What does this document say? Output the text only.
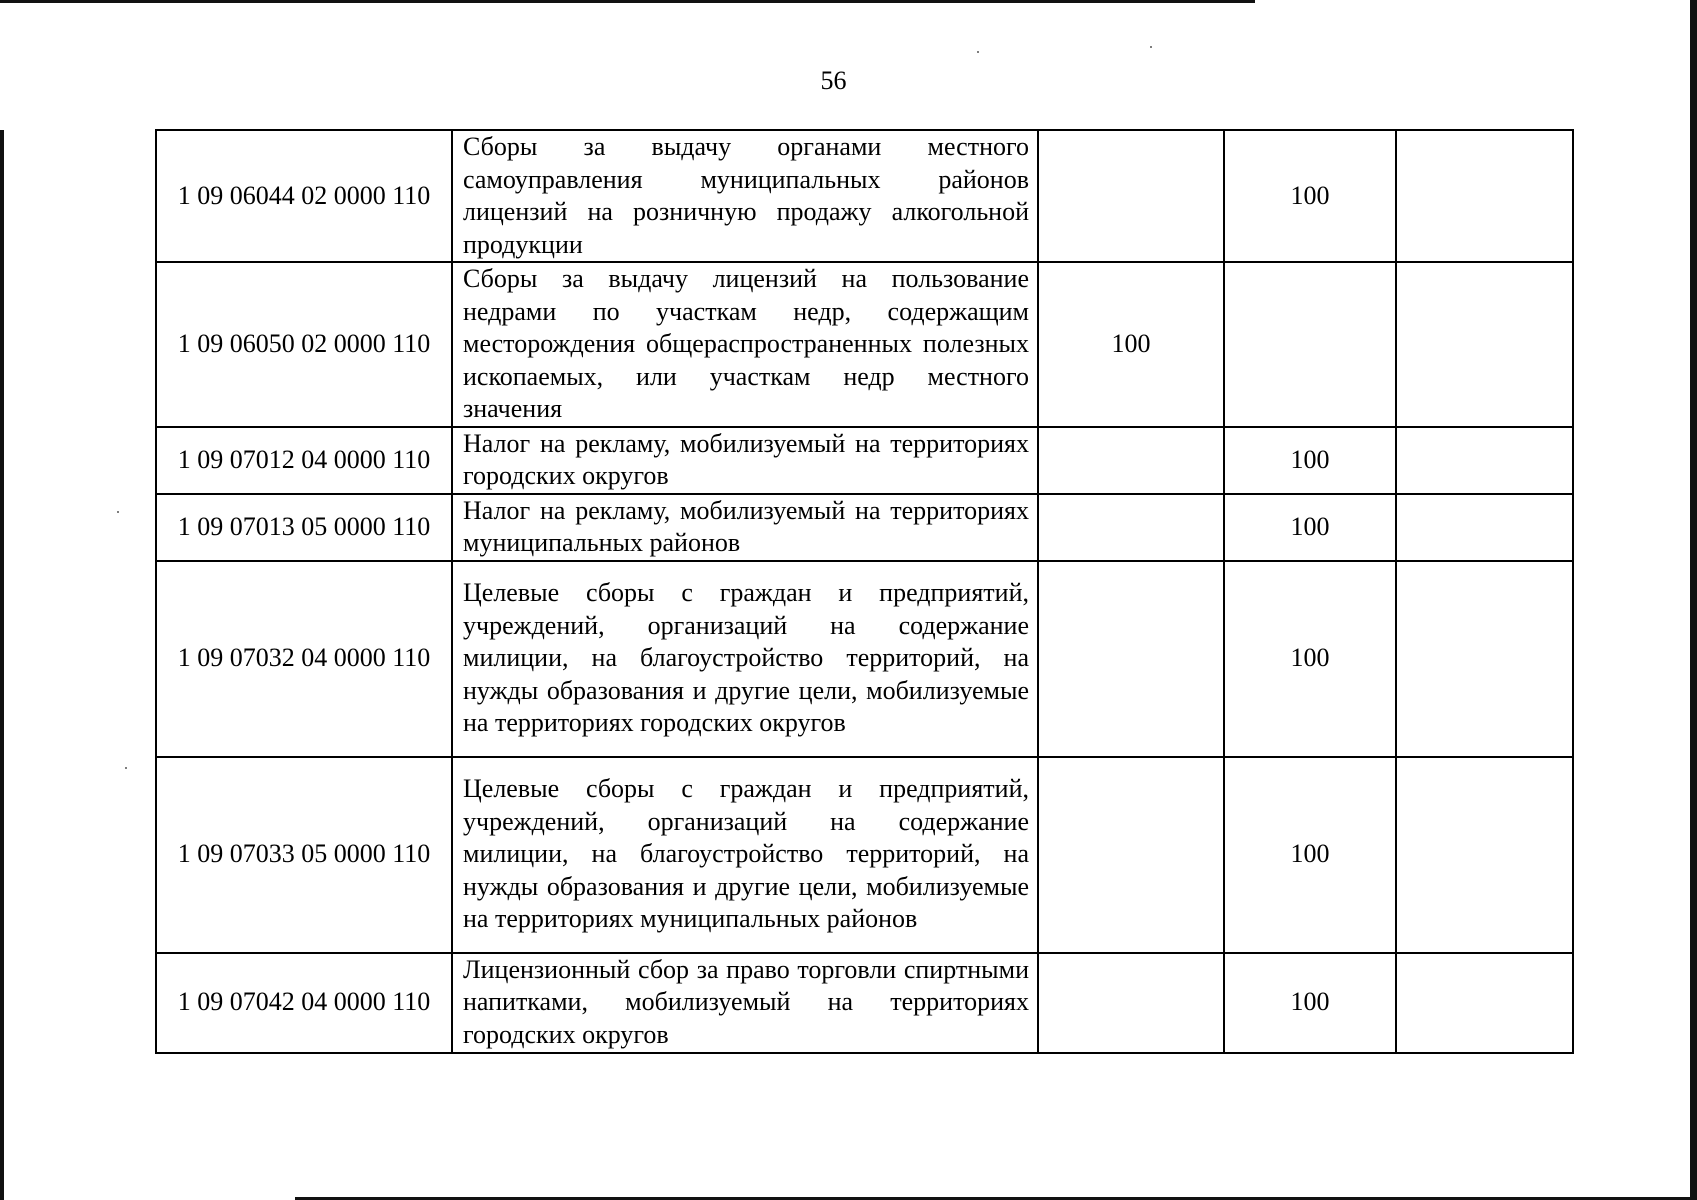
56
1 09 06044 02 0000 110	Сборы за выдачу органами местного самоуправления муниципальных районов лицензий на розничную продажу алкогольной продукции		100	
1 09 06050 02 0000 110	Сборы за выдачу лицензий на пользование недрами по участкам недр, содержащим месторождения общераспространенных полезных ископаемых, или участкам недр местного значения	100		
1 09 07012 04 0000 110	Налог на рекламу, мобилизуемый на территориях городских округов		100	
1 09 07013 05 0000 110	Налог на рекламу, мобилизуемый на территориях муниципальных районов		100	
1 09 07032 04 0000 110	Целевые сборы с граждан и предприятий, учреждений, организаций на содержание милиции, на благоустройство территорий, на нужды образования и другие цели, мобилизуемые на территориях городских округов		100	
1 09 07033 05 0000 110	Целевые сборы с граждан и предприятий, учреждений, организаций на содержание милиции, на благоустройство территорий, на нужды образования и другие цели, мобилизуемые на территориях муниципальных районов		100	
1 09 07042 04 0000 110	Лицензионный сбор за право торговли спиртными напитками, мобилизуемый на территориях городских округов		100	
